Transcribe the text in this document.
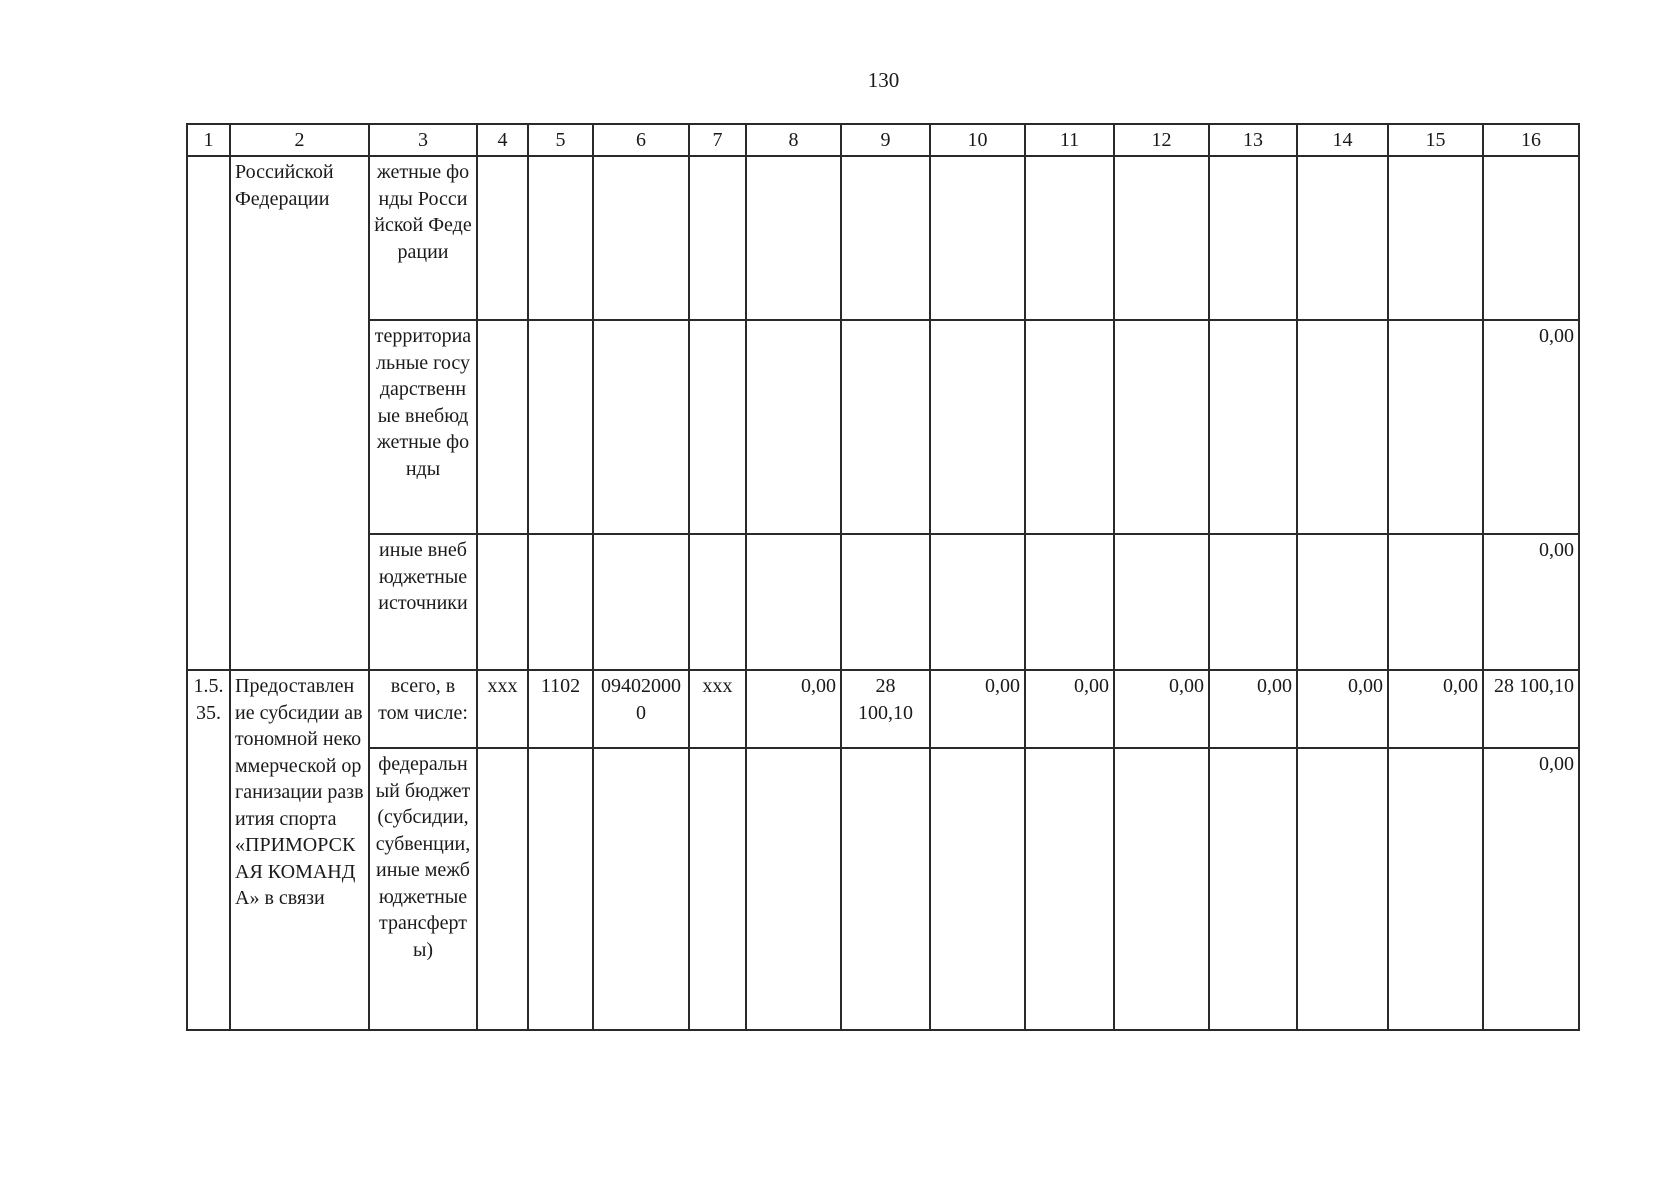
130
1	2	3	4	5	6	7	8	9	10	11	12	13	14	15	16
	Российской Федерации	жетные фонды Российской Федерации													
		территориальные государственные внебюджетные фонды													0,00
		иные внебюджетные источники													0,00
1.5.35.	Предоставление субсидии автономной некоммерческой организации развития спорта «ПРИМОРСКАЯ КОМАНДА» в связи	всего, в том числе:	xxx	1102	094020000	xxx	0,00	28 100,10	0,00	0,00	0,00	0,00	0,00	0,00	28 100,10
		федеральный бюджет (субсидии, субвенции, иные межбюджетные трансферты)													0,00
